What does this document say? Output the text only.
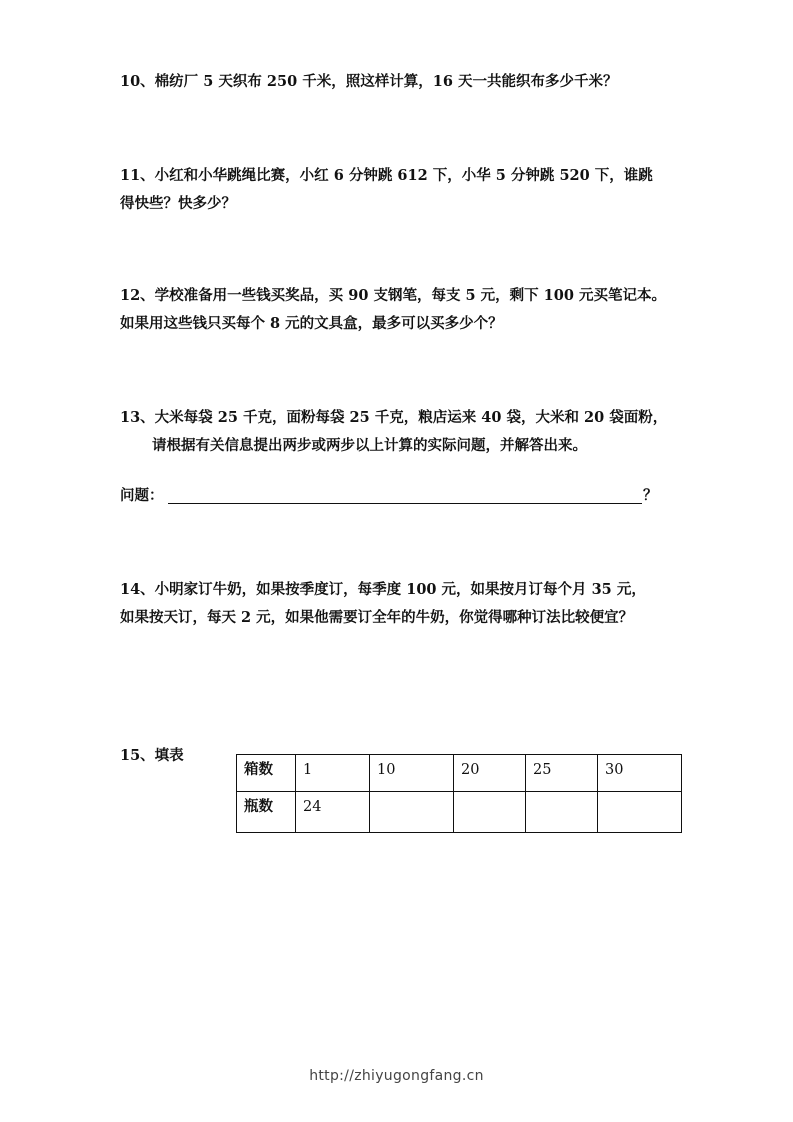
10、棉纺厂 5 天织布 250 千米，照这样计算，16 天一共能织布多少千米？
11、小红和小华跳绳比赛，小红 6 分钟跳 612 下，小华 5 分钟跳 520 下，谁跳
得快些？快多少？
12、学校准备用一些钱买奖品，买 90 支钢笔，每支 5 元，剩下 100 元买笔记本。
如果用这些钱只买每个 8 元的文具盒，最多可以买多少个？
13、大米每袋 25 千克，面粉每袋 25 千克，粮店运来 40 袋，大米和 20 袋面粉，
请根据有关信息提出两步或两步以上计算的实际问题，并解答出来。
问题：	？
14、小明家订牛奶，如果按季度订，每季度 100 元，如果按月订每个月 35 元，
如果按天订，每天 2 元，如果他需要订全年的牛奶，你觉得哪种订法比较便宜？
15、填表
箱数	1	10	20	25	30
瓶数	24				
http://zhiyugongfang.cn
